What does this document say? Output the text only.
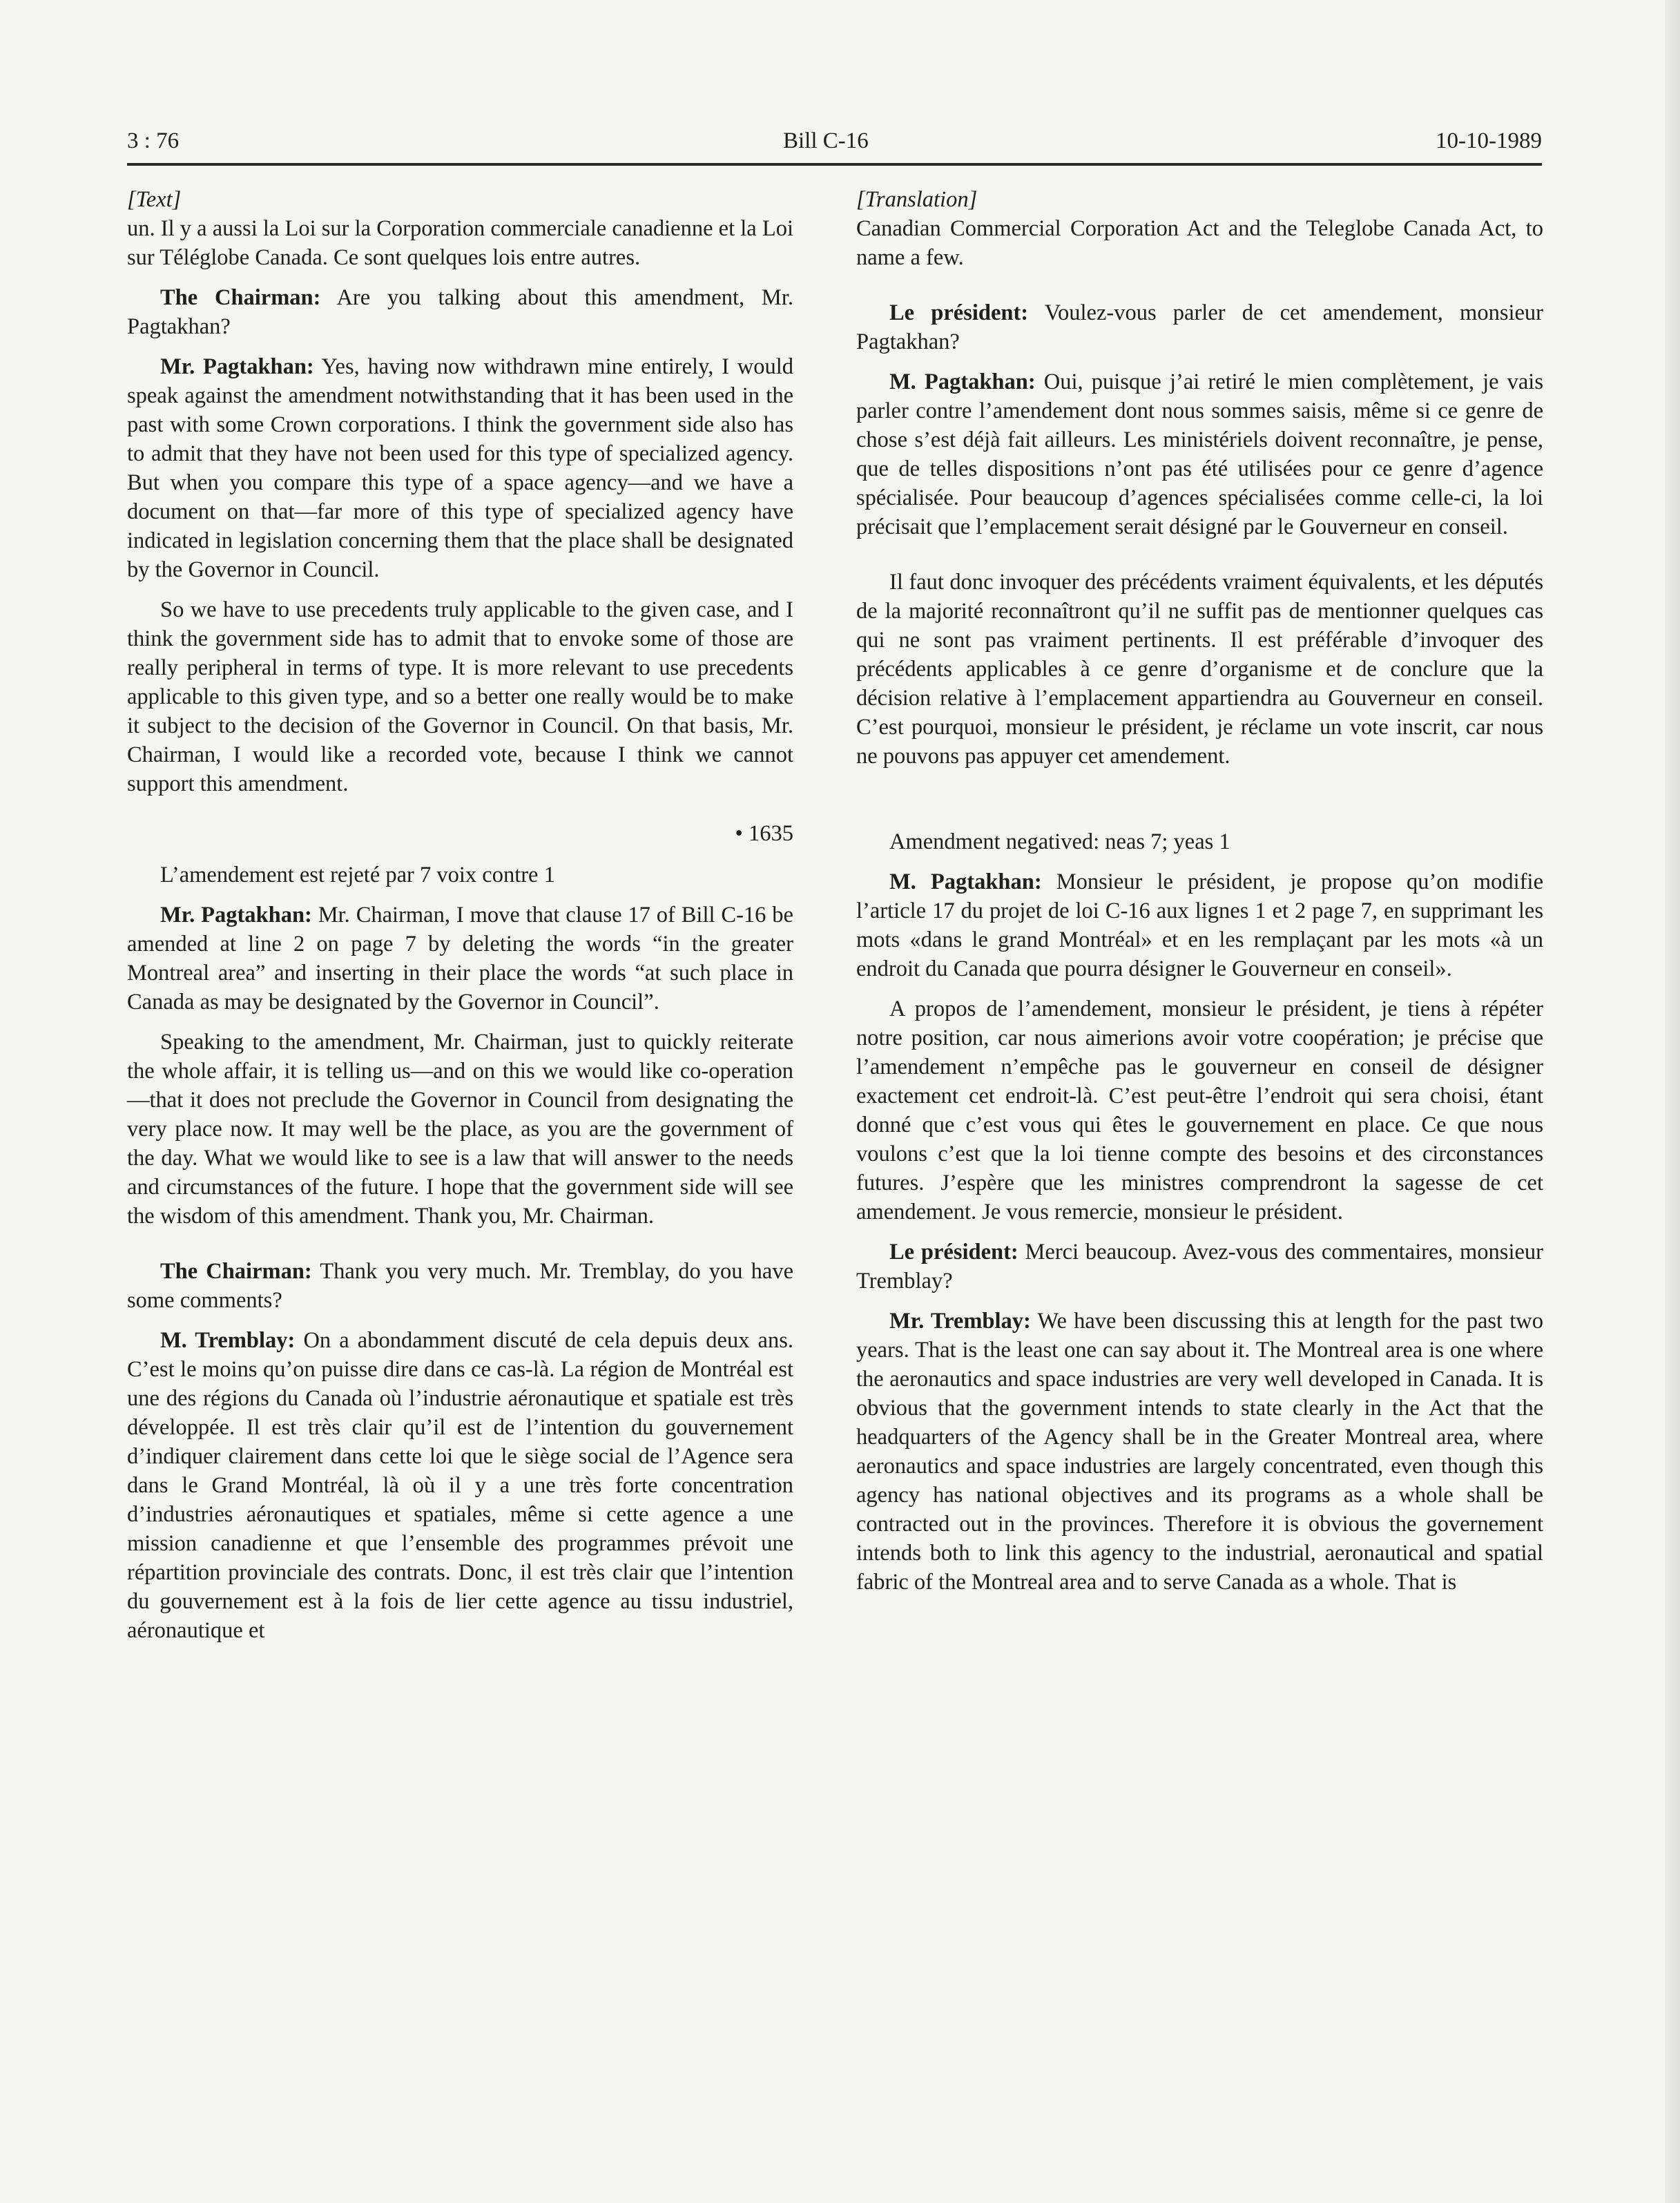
3 : 76	Bill C-16	10-10-1989

[Text]

un. Il y a aussi la Loi sur la Corporation commerciale canadienne et la Loi sur Téléglobe Canada. Ce sont quelques lois entre autres.

The Chairman: Are you talking about this amendment, Mr. Pagtakhan?

Mr. Pagtakhan: Yes, having now withdrawn mine entirely, I would speak against the amendment notwithstanding that it has been used in the past with some Crown corporations. I think the government side also has to admit that they have not been used for this type of specialized agency. But when you compare this type of a space agency—and we have a document on that—far more of this type of specialized agency have indicated in legislation concerning them that the place shall be designated by the Governor in Council.

So we have to use precedents truly applicable to the given case, and I think the government side has to admit that to envoke some of those are really peripheral in terms of type. It is more relevant to use precedents applicable to this given type, and so a better one really would be to make it subject to the decision of the Governor in Council. On that basis, Mr. Chairman, I would like a recorded vote, because I think we cannot support this amendment.

• 1635

L’amendement est rejeté par 7 voix contre 1

Mr. Pagtakhan: Mr. Chairman, I move that clause 17 of Bill C-16 be amended at line 2 on page 7 by deleting the words “in the greater Montreal area” and inserting in their place the words “at such place in Canada as may be designated by the Governor in Council”.

Speaking to the amendment, Mr. Chairman, just to quickly reiterate the whole affair, it is telling us—and on this we would like co-operation—that it does not preclude the Governor in Council from designating the very place now. It may well be the place, as you are the government of the day. What we would like to see is a law that will answer to the needs and circumstances of the future. I hope that the government side will see the wisdom of this amendment. Thank you, Mr. Chairman.

The Chairman: Thank you very much. Mr. Tremblay, do you have some comments?

M. Tremblay: On a abondamment discuté de cela depuis deux ans. C’est le moins qu’on puisse dire dans ce cas-là. La région de Montréal est une des régions du Canada où l’industrie aéronautique et spatiale est très développée. Il est très clair qu’il est de l’intention du gouvernement d’indiquer clairement dans cette loi que le siège social de l’Agence sera dans le Grand Montréal, là où il y a une très forte concentration d’industries aéronautiques et spatiales, même si cette agence a une mission canadienne et que l’ensemble des programmes prévoit une répartition provinciale des contrats. Donc, il est très clair que l’intention du gouvernement est à la fois de lier cette agence au tissu industriel, aéronautique et

[Translation]

Canadian Commercial Corporation Act and the Teleglobe Canada Act, to name a few.

Le président: Voulez-vous parler de cet amendement, monsieur Pagtakhan?

M. Pagtakhan: Oui, puisque j’ai retiré le mien complètement, je vais parler contre l’amendement dont nous sommes saisis, même si ce genre de chose s’est déjà fait ailleurs. Les ministériels doivent reconnaître, je pense, que de telles dispositions n’ont pas été utilisées pour ce genre d’agence spécialisée. Pour beaucoup d’agences spécialisées comme celle-ci, la loi précisait que l’emplacement serait désigné par le Gouverneur en conseil.

Il faut donc invoquer des précédents vraiment équivalents, et les députés de la majorité reconnaîtront qu’il ne suffit pas de mentionner quelques cas qui ne sont pas vraiment pertinents. Il est préférable d’invoquer des précédents applicables à ce genre d’organisme et de conclure que la décision relative à l’emplacement appartiendra au Gouverneur en conseil. C’est pourquoi, monsieur le président, je réclame un vote inscrit, car nous ne pouvons pas appuyer cet amendement.

Amendment negatived: neas 7; yeas 1

M. Pagtakhan: Monsieur le président, je propose qu’on modifie l’article 17 du projet de loi C-16 aux lignes 1 et 2 page 7, en supprimant les mots «dans le grand Montréal» et en les remplaçant par les mots «à un endroit du Canada que pourra désigner le Gouverneur en conseil».

A propos de l’amendement, monsieur le président, je tiens à répéter notre position, car nous aimerions avoir votre coopération; je précise que l’amendement n’empêche pas le gouverneur en conseil de désigner exactement cet endroit-là. C’est peut-être l’endroit qui sera choisi, étant donné que c’est vous qui êtes le gouvernement en place. Ce que nous voulons c’est que la loi tienne compte des besoins et des circonstances futures. J’espère que les ministres comprendront la sagesse de cet amendement. Je vous remercie, monsieur le président.

Le président: Merci beaucoup. Avez-vous des commentaires, monsieur Tremblay?

Mr. Tremblay: We have been discussing this at length for the past two years. That is the least one can say about it. The Montreal area is one where the aeronautics and space industries are very well developed in Canada. It is obvious that the government intends to state clearly in the Act that the headquarters of the Agency shall be in the Greater Montreal area, where aeronautics and space industries are largely concentrated, even though this agency has national objectives and its programs as a whole shall be contracted out in the provinces. Therefore it is obvious the governement intends both to link this agency to the industrial, aeronautical and spatial fabric of the Montreal area and to serve Canada as a whole. That is
